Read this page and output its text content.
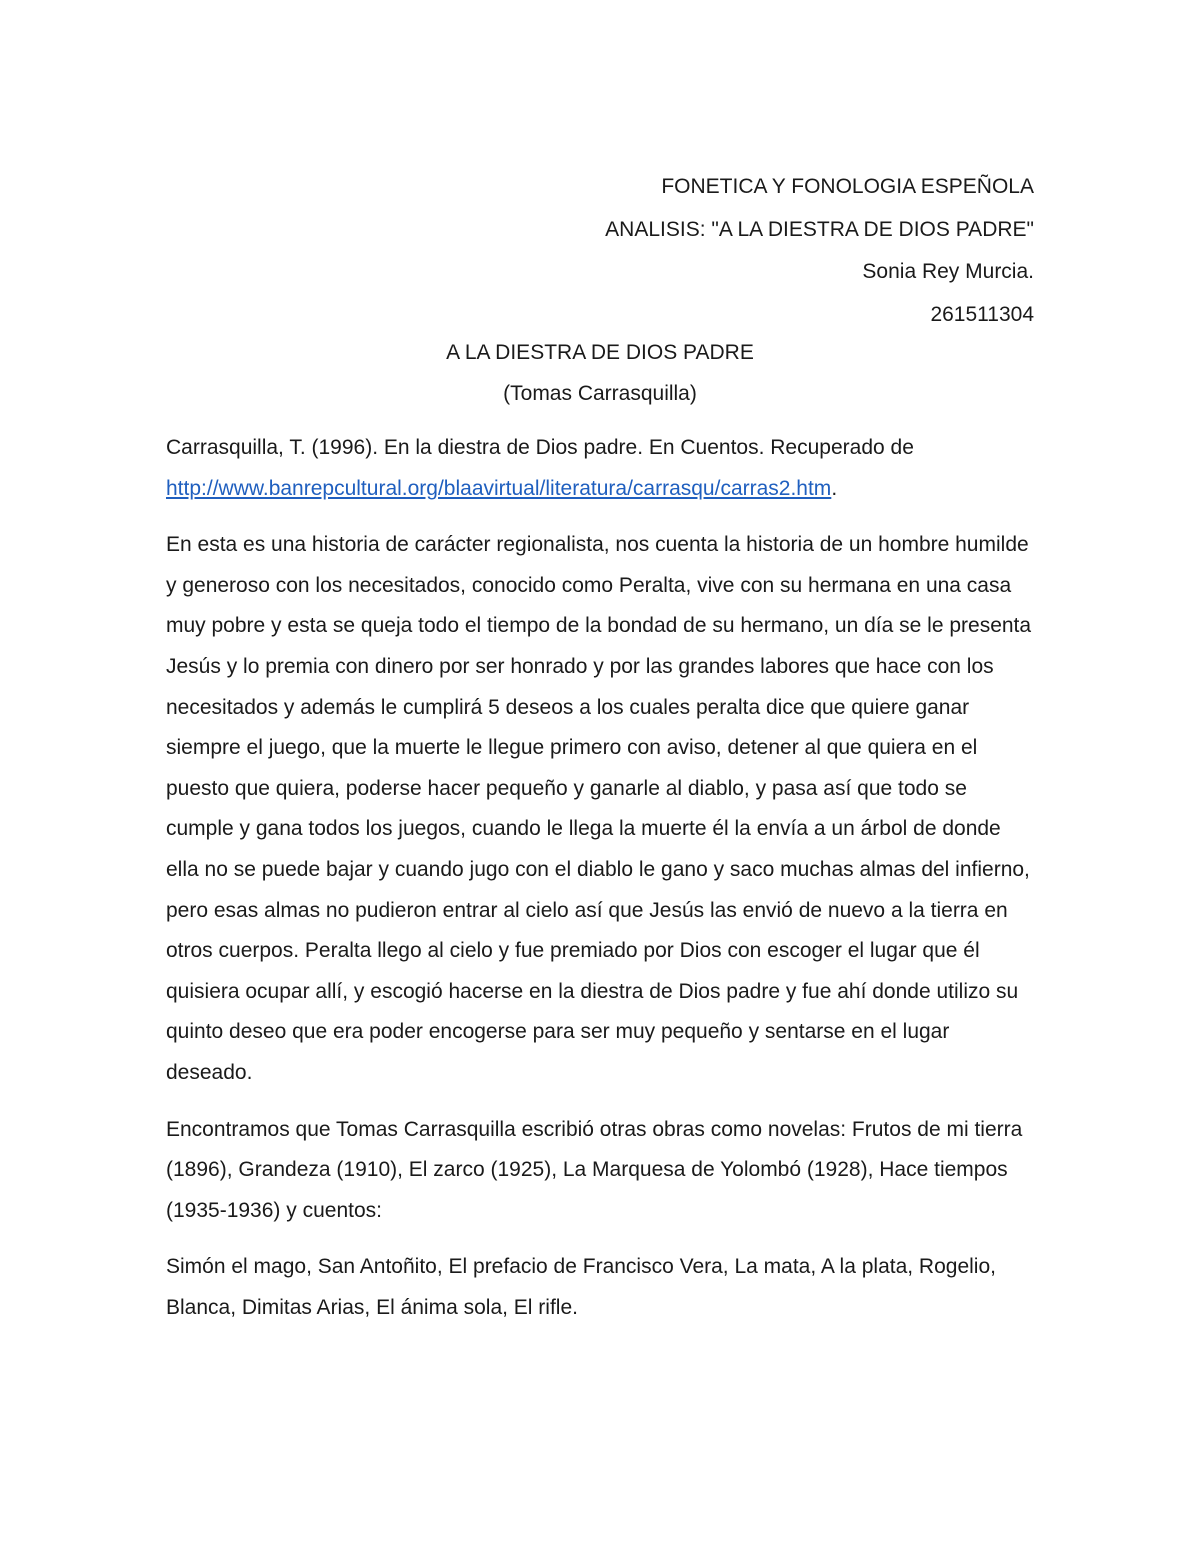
FONETICA Y FONOLOGIA ESPEÑOLA
ANALISIS: "A LA DIESTRA DE DIOS PADRE"
Sonia Rey Murcia.
261511304
A LA DIESTRA DE DIOS PADRE
(Tomas Carrasquilla)

Carrasquilla, T. (1996). En la diestra de Dios padre. En Cuentos. Recuperado de
http://www.banrepcultural.org/blaavirtual/literatura/carrasqu/carras2.htm.

En esta es una historia de carácter regionalista, nos cuenta la historia de un hombre humilde y generoso con los necesitados, conocido como Peralta, vive con su hermana en una casa muy pobre y esta se queja todo el tiempo de la bondad de su hermano, un día se le presenta Jesús y lo premia con dinero por ser honrado y por las grandes labores que hace con los necesitados y además le cumplirá 5 deseos a los cuales peralta dice que quiere ganar siempre el juego, que la muerte le llegue primero con aviso, detener al que quiera en el puesto que quiera, poderse hacer pequeño y ganarle al diablo, y pasa así que todo se cumple y gana todos los juegos, cuando le llega la muerte él la envía a un árbol de donde ella no se puede bajar y cuando jugo con el diablo le gano y saco muchas almas del infierno, pero esas almas no pudieron entrar al cielo así que Jesús las envió de nuevo a la tierra en otros cuerpos. Peralta llego al cielo y fue premiado por Dios con escoger el lugar que él quisiera ocupar allí, y escogió hacerse en la diestra de Dios padre y fue ahí donde utilizo su quinto deseo que era poder encogerse para ser muy pequeño y sentarse en el lugar deseado.

Encontramos que Tomas Carrasquilla escribió otras obras como novelas: Frutos de mi tierra (1896), Grandeza (1910), El zarco (1925), La Marquesa de Yolombó (1928), Hace tiempos (1935-1936) y cuentos:

Simón el mago, San Antoñito, El prefacio de Francisco Vera, La mata, A la plata, Rogelio, Blanca, Dimitas Arias, El ánima sola, El rifle.
